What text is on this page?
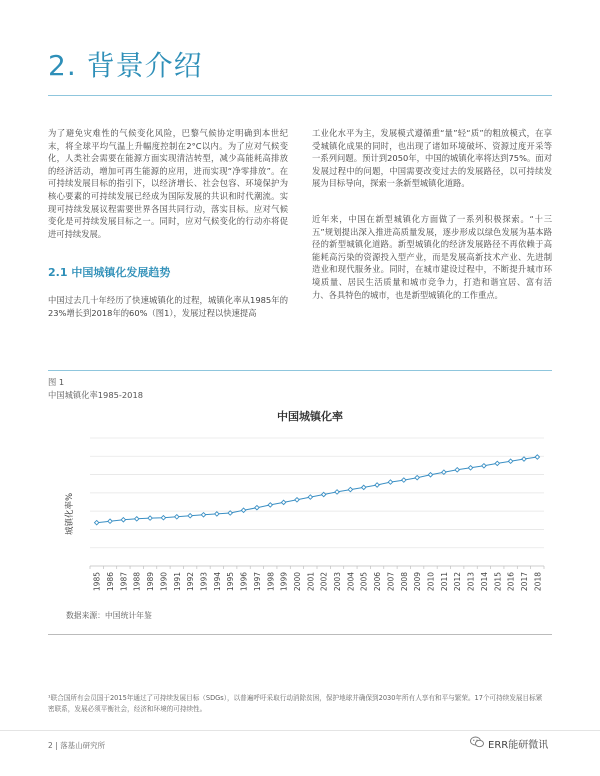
2. 背景介绍
为了避免灾难性的气候变化风险，巴黎气候协定明确到本世纪末，将全球平均气温上升幅度控制在2°C以内。为了应对气候变化，人类社会需要在能源方面实现清洁转型，减少高能耗高排放的经济活动，增加可再生能源的应用，进而实现“净零排放”。在可持续发展目标的指引下，以经济增长、社会包容、环境保护为核心要素的可持续发展已经成为国际发展的共识和时代潮流。实现可持续发展议程需要世界各国共同行动，落实目标。应对气候变化是可持续发展目标之一。同时，应对气候变化的行动亦将促进可持续发展。
2.1 中国城镇化发展趋势
中国过去几十年经历了快速城镇化的过程，城镇化率从1985年的23%增长到2018年的60%（图1），发展过程以快速提高
工业化水平为主，发展模式遵循重“量”轻“质”的粗放模式，在享受城镇化成果的同时，也出现了诸如环境破坏、资源过度开采等一系列问题。预计到2050年，中国的城镇化率将达到75%。面对发展过程中的问题，中国需要改变过去的发展路径，以可持续发展为目标导向，探索一条新型城镇化道路。
近年来，中国在新型城镇化方面做了一系列积极探索。“十三五”规划提出深入推进高质量发展，逐步形成以绿色发展为基本路径的新型城镇化道路。新型城镇化的经济发展路径不再依赖于高能耗高污染的资源投入型产业，而是发展高新技术产业、先进制造业和现代服务业。同时，在城市建设过程中，不断提升城市环境质量、居民生活质量和城市竞争力，打造和谐宜居、富有活力、各具特色的城市，也是新型城镇化的工作重点。
图 1
中国城镇化率1985-2018
中国城镇化率
城镇化率%
1985 1986 1987 1988 1989 1990 1991 1992 1993 1994 1995 1996 1997 1998 1999 2000 2001 2002 2003 2004 2005 2006 2007 2008 2009 2010 2011 2012 2013 2014 2015 2016 2017 2018
数据来源：中国统计年鉴
¹联合国所有会员国于2015年通过了可持续发展目标（SDGs），以普遍呼吁采取行动消除贫困，保护地球并确保到2030年所有人享有和平与繁荣。17个可持续发展目标紧密联系，发展必须平衡社会，经济和环境的可持续性。
2 | 落基山研究所	ERR能研微讯
